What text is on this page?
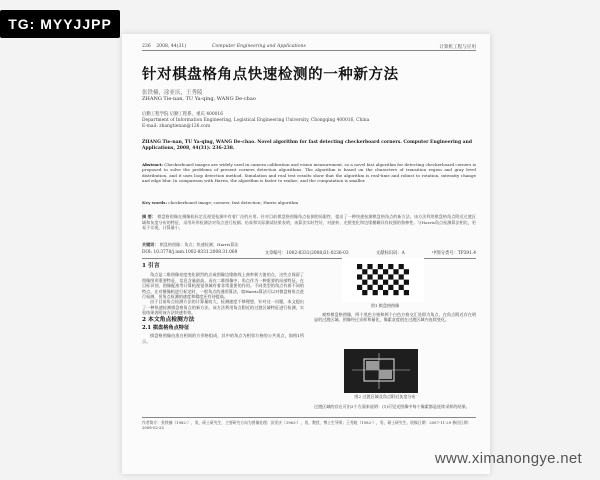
TG: MYYJJPP
236 2008, 44(31)	Computer Engineering and Applications	计算机工程与应用
针对棋盘格角点快速检测的一种新方法
张铁楠，涂亚庆，王秀陵
ZHANG Tie-nan, TU Ya-qing, WANG De-chao
后勤工程学院 后勤工程系，重庆 400016
Department of Information Engineering, Logistical Engineering University, Chongqing 400016, China
E-mail: zhangtienan@126.com
ZHANG Tie-nan, TU Ya-qing, WANG De-chao. Novel algorithm for fast detecting checkerboard corners. Computer Engineering and Applications, 2008, 44(31): 236-238.
Abstract: Checkerboard images are widely used in camera calibration and vision measurement, so a novel fast algorithm for detecting checkerboard corners is proposed to solve the problems of present corners detection algorithms. The algorithm is based on the characters of transition region and gray level distribution, and it uses loop detection method. Simulation and real test results show that the algorithm is real-time and robust to rotation, intensity change and edge blur. In comparison with Harris, the algorithm is faster to realize, and the computation is smaller.
Key words: checkerboard image; corners; fast detection; Harris algorithm
摘 要： 棋盘格图像在摄像机标定及视觉检测中有着广泛的应用。针对目前棋盘格图像角点检测的局限性，提出了一种快速检测棋盘格角点的新方法。该方法利用棋盘格角点附近过渡区域和灰度分布的特征，采用环形检测法对角点进行检测。仿真和实际测试结果表明，该算法实时性好，对旋转、光照变化和边缘模糊具有较强的鲁棒性。与Harris角点检测算法相比，更易于实现，计算量小。
关键词： 棋盘格图像；角点；快速检测；Harris算法
DOI: 10.3778/j.issn.1002-8331.2008.31.069	文章编号：1002-8331(2008)31-0236-03	文献标识码：A	中图分类号：TP391.4
1 引言

角点是二维图像亮度变化剧烈的点或图像边缘曲线上曲率极大值的点，这些点保留了图像图形重要特征，信息含量最高。而在二维图像中，角点作为一种重要的局部特征，在目标识别、图像配准等计算机视觉领域有着非常重要的作用。不同类型的角点有着不同的特点，在对摄像机进行标定时，一般角点的通用算法，如Harris算法可以对棋盘格角点进行检测，但角点检测的速度和精度还有待提高。

由于目前角点检测方法的计算量较大，检测速度不够理想，针对这一问题，本文提出了一种快速检测棋盘格角点的新方法。该方法利用角点附近的过渡区域特征进行检测，实验结果表明该方法快速有效。

2 本文角点检测方法
2.1 棋盘格角点特征

棋盘格图像由黑白相间的方形格组成，其中的角点为相邻方格的公共顶点，如图1所示。

图1 棋盘格图像
观察棋盘格图像，两个黑色方格和两个白色方格交汇处即为角点，在角点附近存在明显的过渡区域。图像经过采样和量化，像素灰度值在过渡区域内连续变化。
图2 过渡区域及角点附近灰度分布
过渡区域的存在可由3个方面来说明：(1)可见光图像中每个像素都是连续采样的结果。
作者简介：张铁楠（1982-），男，硕士研究生，主要研究方向为图像处理；涂亚庆（1963-），男，教授，博士生导师；王秀陵（1982-），男，硕士研究生。收稿日期：2007-11-29 修回日期：2008-02-25
www.ximanongye.net
